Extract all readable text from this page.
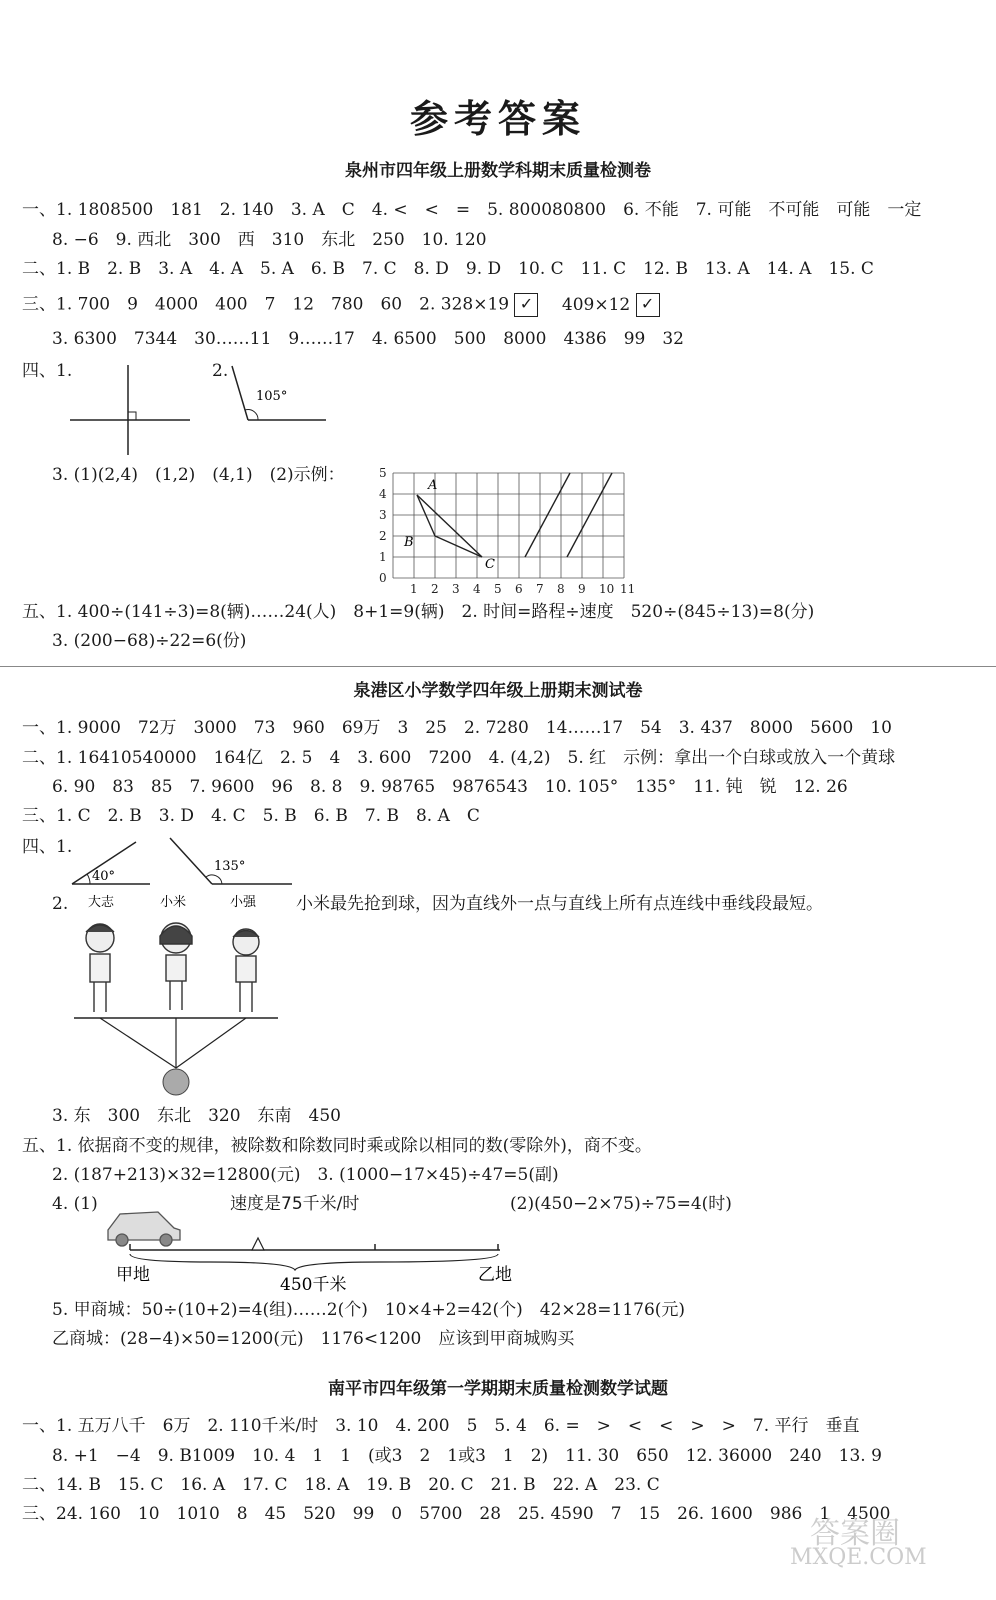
参考答案
泉州市四年级上册数学科期末质量检测卷
一、1. 1808500　181　2. 140　3. A　C　4. <　<　=　5. 800080800　6. 不能　7. 可能　不可能　可能　一定
8. −6　9. 西北　300　西　310　东北　250　10. 120
二、1. B　2. B　3. A　4. A　5. A　6. B　7. C　8. D　9. D　10. C　11. C　12. B　13. A　14. A　15. C
三、1. 700　9　4000　400　7　12　780　60　2. 328×19 ✓ 409×12 ✓
3. 6300　7344　30……11　9……17　4. 6500　500　8000　4386　99　32
四、1.	2.
105°
3. (1)(2,4)　(1,2)　(4,1)　(2)示例：
1 2 3 4 5 6 7 8 9 10 11
0
1
2
3
4
5
A
B
C
五、1. 400÷(141÷3)=8(辆)……24(人)　8+1=9(辆)　2. 时间=路程÷速度　520÷(845÷13)=8(分)
3. (200−68)÷22=6(份)
泉港区小学数学四年级上册期末测试卷
一、1. 9000　72万　3000　73　960　69万　3　25　2. 7280　14……17　54　3. 437　8000　5600　10
二、1. 16410540000　164亿　2. 5　4　3. 600　7200　4. (4,2)　5. 红　示例：拿出一个白球或放入一个黄球
6. 90　83　85　7. 9600　96　8. 8　9. 98765　9876543　10. 105°　135°　11. 钝　锐　12. 26
三、1. C　2. B　3. D　4. C　5. B　6. B　7. B　8. A　C
四、1.
40°
135°
2.	小米最先抢到球，因为直线外一点与直线上所有点连线中垂线段最短。
大志	小米	小强
3. 东　300　东北　320　东南　450
五、1. 依据商不变的规律，被除数和除数同时乘或除以相同的数(零除外)，商不变。
2. (187+213)×32=12800(元)　3. (1000−17×45)÷47=5(副)
4. (1)	速度是75千米/时	(2)(450−2×75)÷75=4(时)
甲地	450千米	乙地
5. 甲商城：50÷(10+2)=4(组)……2(个)　10×4+2=42(个)　42×28=1176(元)
乙商城：(28−4)×50=1200(元)　1176<1200　应该到甲商城购买
南平市四年级第一学期期末质量检测数学试题
一、1. 五万八千　6万　2. 110千米/时　3. 10　4. 200　5　5. 4　6. =　>　<　<　>　>　7. 平行　垂直
8. +1　−4　9. B1009　10. 4　1　1　(或3　2　1或3　1　2)　11. 30　650　12. 36000　240　13. 9
二、14. B　15. C　16. A　17. C　18. A　19. B　20. C　21. B　22. A　23. C
三、24. 160　10　1010　8　45　520　99　0　5700　28　25. 4590　7　15　26. 1600　986　1　4500
MXQE.COM
答案圈
